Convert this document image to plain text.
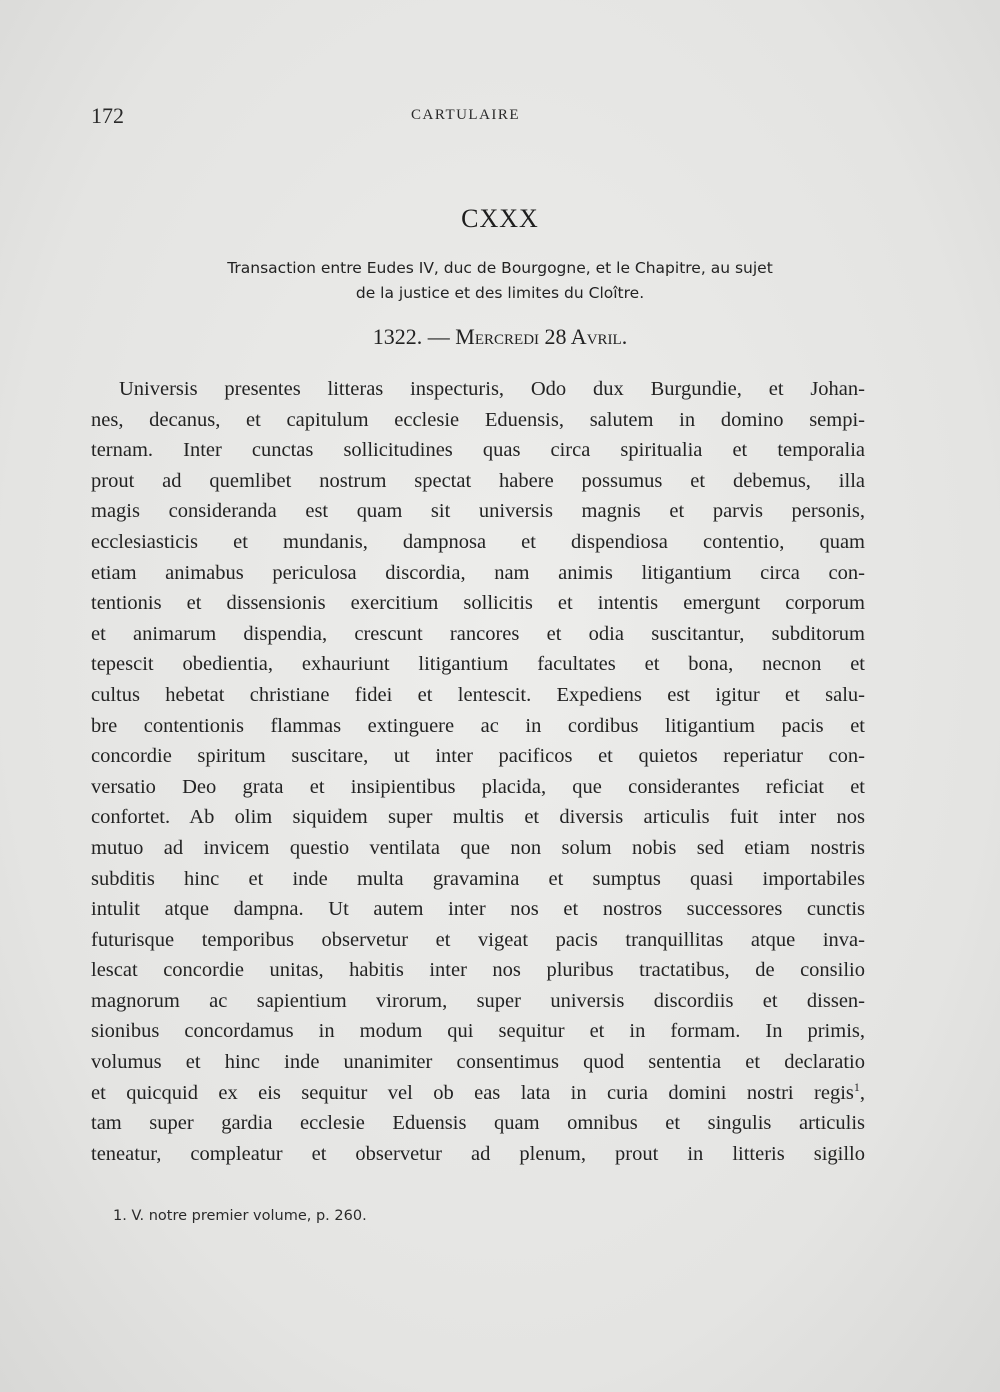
172	CARTULAIRE
CXXX
Transaction entre Eudes IV, duc de Bourgogne, et le Chapitre, au sujet
de la justice et des limites du Cloître.
1322. — Mercredi 28 Avril.
Universis presentes litteras inspecturis, Odo dux Burgundie, et Johan-
nes, decanus, et capitulum ecclesie Eduensis, salutem in domino sempi-
ternam. Inter cunctas sollicitudines quas circa spiritualia et temporalia
prout ad quemlibet nostrum spectat habere possumus et debemus, illa
magis consideranda est quam sit universis magnis et parvis personis,
ecclesiasticis et mundanis, dampnosa et dispendiosa contentio, quam
etiam animabus periculosa discordia, nam animis litigantium circa con-
tentionis et dissensionis exercitium sollicitis et intentis emergunt corporum
et animarum dispendia, crescunt rancores et odia suscitantur, subditorum
tepescit obedientia, exhauriunt litigantium facultates et bona, necnon et
cultus hebetat christiane fidei et lentescit. Expediens est igitur et salu-
bre contentionis flammas extinguere ac in cordibus litigantium pacis et
concordie spiritum suscitare, ut inter pacificos et quietos reperiatur con-
versatio Deo grata et insipientibus placida, que considerantes reficiat et
confortet. Ab olim siquidem super multis et diversis articulis fuit inter nos
mutuo ad invicem questio ventilata que non solum nobis sed etiam nostris
subditis hinc et inde multa gravamina et sumptus quasi importabiles
intulit atque dampna. Ut autem inter nos et nostros successores cunctis
futurisque temporibus observetur et vigeat pacis tranquillitas atque inva-
lescat concordie unitas, habitis inter nos pluribus tractatibus, de consilio
magnorum ac sapientium virorum, super universis discordiis et dissen-
sionibus concordamus in modum qui sequitur et in formam. In primis,
volumus et hinc inde unanimiter consentimus quod sententia et declaratio
et quicquid ex eis sequitur vel ob eas lata in curia domini nostri regis$^1$,
tam super gardia ecclesie Eduensis quam omnibus et singulis articulis
teneatur, compleatur et observetur ad plenum, prout in litteris sigillo
1. V. notre premier volume, p. 260.
